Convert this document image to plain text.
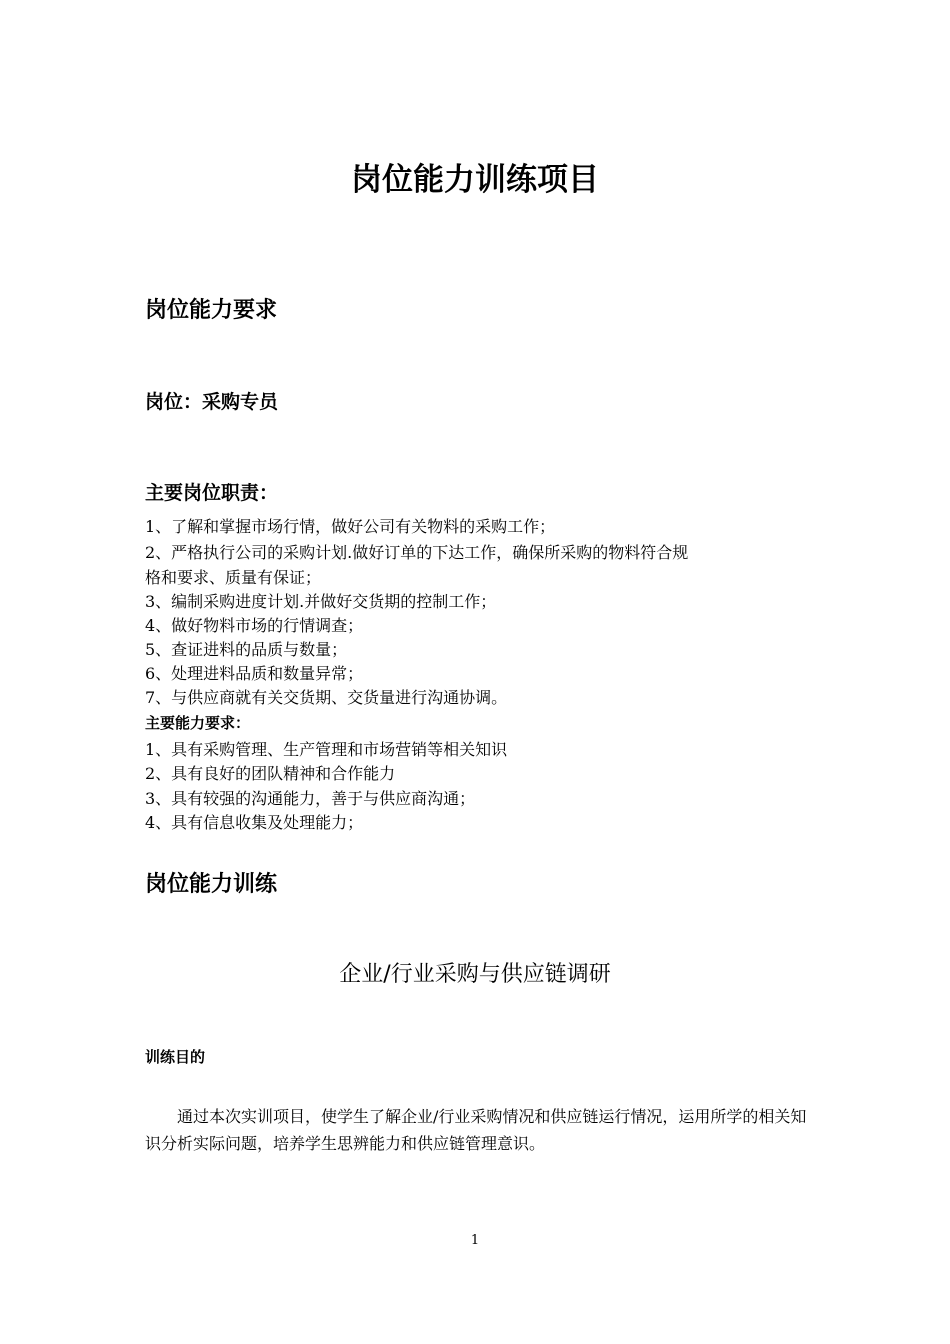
岗位能力训练项目
岗位能力要求
岗位：采购专员
主要岗位职责：
1、了解和掌握市场行情，做好公司有关物料的采购工作；
2、严格执行公司的采购计划.做好订单的下达工作，确保所采购的物料符合规
格和要求、质量有保证；
3、编制采购进度计划.并做好交货期的控制工作；
4、做好物料市场的行情调查；
5、查证进料的品质与数量；
6、处理进料品质和数量异常；
7、与供应商就有关交货期、交货量进行沟通协调。
主要能力要求：
1、具有采购管理、生产管理和市场营销等相关知识
2、具有良好的团队精神和合作能力
3、具有较强的沟通能力，善于与供应商沟通；
4、具有信息收集及处理能力；
岗位能力训练
企业/行业采购与供应链调研
训练目的
　　通过本次实训项目，使学生了解企业/行业采购情况和供应链运行情况，运用所学的相关知识分析实际问题，培养学生思辨能力和供应链管理意识。
1
